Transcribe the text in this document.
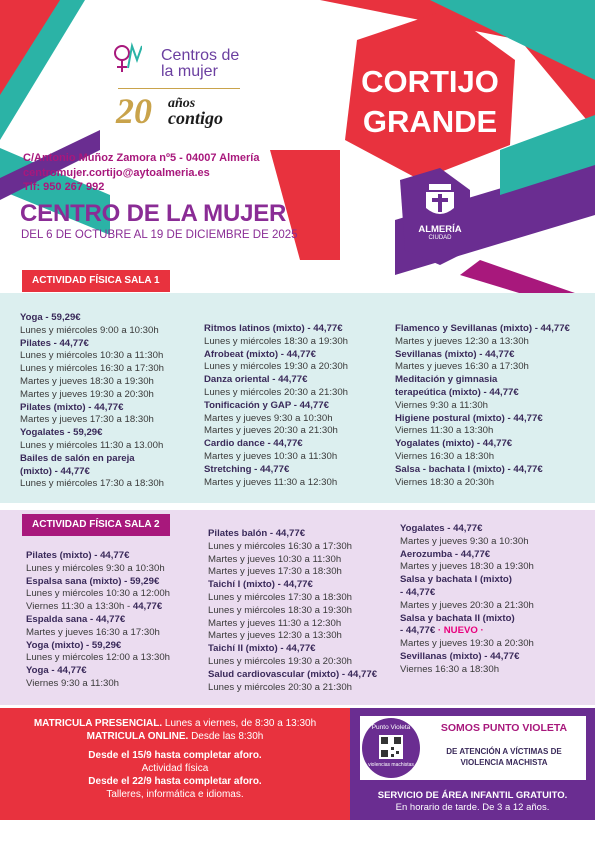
Centros de
la mujer
20 años
contigo
C/Antonio Muñoz Zamora nº5 - 04007 Almería
centromujer.cortijo@aytoalmeria.es
Tlf: 950 267 992
CENTRO DE LA MUJER
DEL 6 DE OCTUBRE AL 19 DE DICIEMBRE DE 2025
CORTIJO
GRANDE
ALMERÍA
CIUDAD
ACTIVIDAD FÍSICA SALA 1
Yoga - 59,29€
Lunes y miércoles 9:00 a 10:30h
Pilates - 44,77€
Lunes y miércoles 10:30 a 11:30h
Lunes y miércoles 16:30 a 17:30h
Martes y jueves 18:30 a 19:30h
Martes y jueves 19:30 a 20:30h
Pilates (mixto) - 44,77€
Martes y jueves 17:30 a 18:30h
Yogalates - 59,29€
Lunes y miércoles 11:30 a 13.00h
Bailes de salón en pareja
(mixto) - 44,77€
Lunes y miércoles 17:30 a 18:30h
Ritmos latinos (mixto) - 44,77€
Lunes y miércoles 18:30 a 19:30h
Afrobeat (mixto) - 44,77€
Lunes y miércoles 19:30 a 20:30h
Danza oriental - 44,77€
Lunes y miércoles 20:30 a 21:30h
Tonificación y GAP - 44,77€
Martes y jueves 9:30 a 10:30h
Martes y jueves 20:30 a 21:30h
Cardio dance - 44,77€
Martes y jueves 10:30 a 11:30h
Stretching - 44,77€
Martes y jueves 11:30 a 12:30h
Flamenco y Sevillanas (mixto) - 44,77€
Martes y jueves 12:30 a 13:30h
Sevillanas (mixto) - 44,77€
Martes y jueves 16:30 a 17:30h
Meditación y gimnasia
terapeútica (mixto) - 44,77€
Viernes 9:30 a 11:30h
Higiene postural (mixto) - 44,77€
Viernes 11:30 a 13:30h
Yogalates (mixto) - 44,77€
Viernes 16:30 a 18:30h
Salsa - bachata I (mixto) - 44,77€
Viernes 18:30 a 20:30h
ACTIVIDAD FÍSICA SALA 2
Pilates (mixto) - 44,77€
Lunes y miércoles 9:30 a 10:30h
Espalsa sana (mixto) - 59,29€
Lunes y miércoles 10:30 a 12:00h
Viernes 11:30 a 13:30h - 44,77€
Espalda sana - 44,77€
Martes y jueves 16:30 a 17:30h
Yoga (mixto) - 59,29€
Lunes y miércoles 12:00 a 13:30h
Yoga - 44,77€
Viernes 9:30 a 11:30h
Pilates balón - 44,77€
Lunes y miércoles 16:30 a 17:30h
Martes y jueves 10:30 a 11:30h
Martes y jueves 17:30 a 18:30h
Taichí I (mixto) - 44,77€
Lunes y miércoles 17:30 a 18:30h
Lunes y miércoles 18:30 a 19:30h
Martes y jueves 11:30 a 12:30h
Martes y jueves 12:30 a 13:30h
Taichí II (mixto) - 44,77€
Lunes y miércoles 19:30 a 20:30h
Salud cardiovascular (mixto) - 44,77€
Lunes y miércoles 20:30 a 21:30h
Yogalates - 44,77€
Martes y jueves 9:30 a 10:30h
Aerozumba - 44,77€
Martes y jueves 18:30 a 19:30h
Salsa y bachata I (mixto)
- 44,77€
Martes y jueves 20:30 a 21:30h
Salsa y bachata II (mixto)
- 44,77€ · NUEVO ·
Martes y jueves 19:30 a 20:30h
Sevillanas (mixto) - 44,77€
Viernes 16:30 a 18:30h

MATRICULA PRESENCIAL. Lunes a viernes, de 8:30 a 13:30h

MATRICULA ONLINE. Desde las 8:30h

Desde el 15/9 hasta completar aforo.

Actividad física

Desde el 22/9 hasta completar aforo.

Talleres, informática e idiomas.

Punto Violeta
violencias machistas
SOMOS PUNTO VIOLETA
DE ATENCIÓN A VÍCTIMAS DE
VIOLENCIA MACHISTA
SERVICIO DE ÁREA INFANTIL GRATUITO.
En horario de tarde. De 3 a 12 años.
